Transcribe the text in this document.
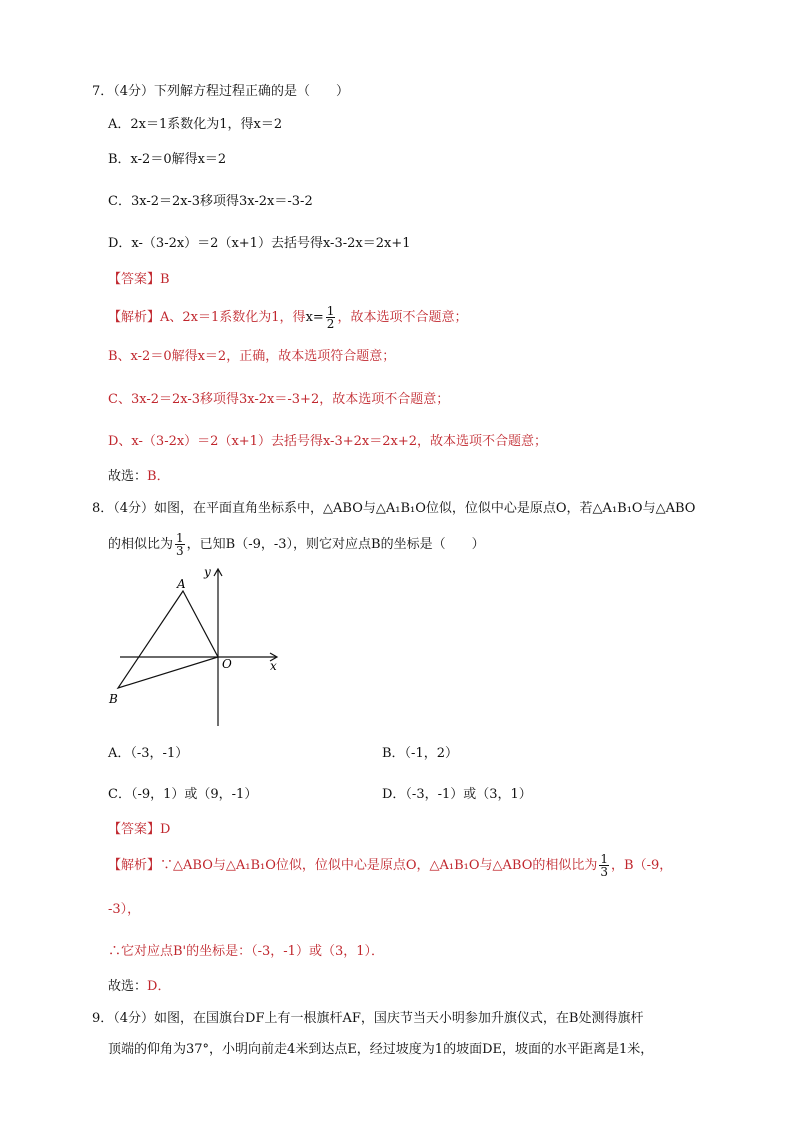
7．（4分）下列解方程过程正确的是（　　）
A．2x＝1系数化为1，得x＝2
B．x-2＝0解得x＝2
C．3x-2＝2x-3移项得3x-2x＝-3-2
D．x-（3-2x）＝2（x+1）去括号得x-3-2x＝2x+1
【答案】B
【解析】A、2x＝1系数化为1，得$x= \frac{1}{2}$ ，故本选项不合题意；
B、x-2＝0解得x＝2，正确，故本选项符合题意；
C、3x-2＝2x-3移项得3x-2x＝-3+2，故本选项不合题意；
D、x-（3-2x）＝2（x+1）去括号得x-3+2x＝2x+2，故本选项不合题意；
故选：B．
8．（4分）如图，在平面直角坐标系中，△ABO与△A₁B₁O位似，位似中心是原点O，若△A₁B₁O与△ABO
的相似比为 $\frac{1}{3}$ ，已知B（-9，-3），则它对应点B的坐标是（　　）
A
B
O	x
y
A．（-3，-1）	B．（-1，2）
C．（-9，1）或（9，-1）	D．（-3，-1）或（3，1）
【答案】D
【解析】∵△ABO与△A₁B₁O位似，位似中心是原点O，△A₁B₁O与△ABO的相似比为 $\frac{1}{3}$ ，B（-9，
-3），
∴它对应点B'的坐标是：（-3，-1）或（3，1）．
故选：D．
9．（4分）如图，在国旗台DF上有一根旗杆AF，国庆节当天小明参加升旗仪式，在B处测得旗杆
顶端的仰角为37°，小明向前走4米到达点E，经过坡度为1的坡面DE，坡面的水平距离是1米，
